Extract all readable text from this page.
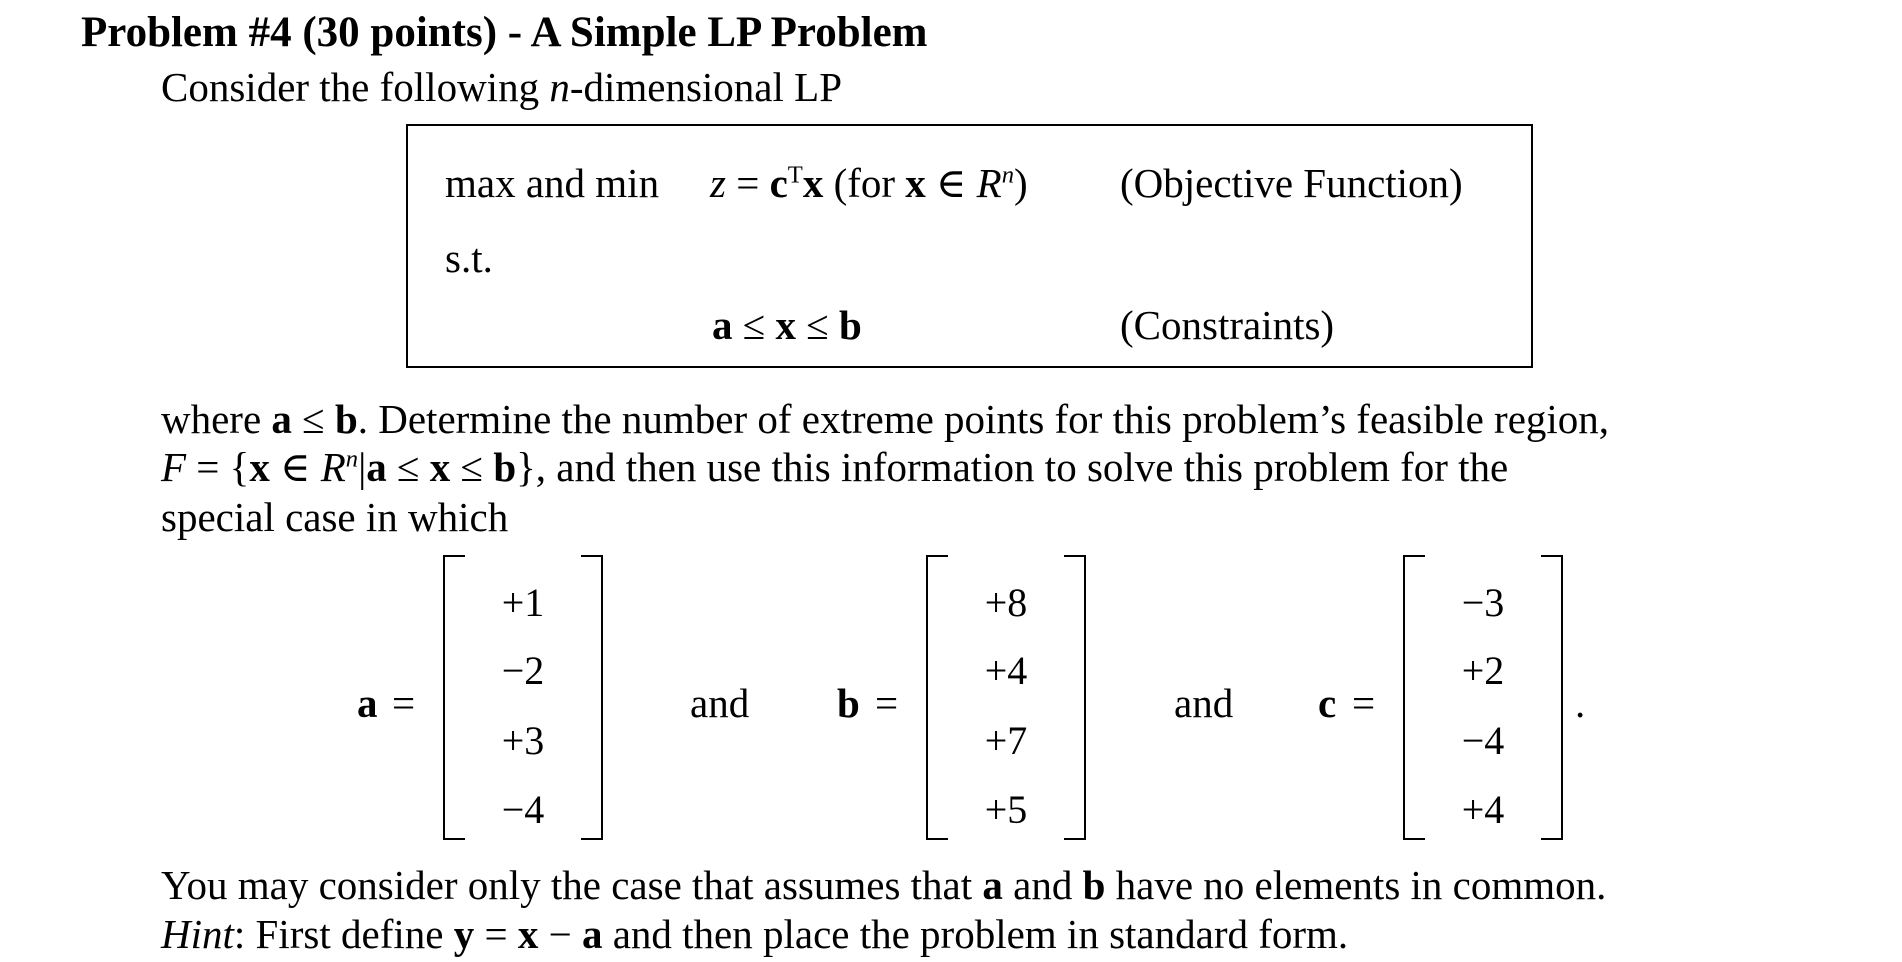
Problem #4 (30 points) - A Simple LP Problem
Consider the following n-dimensional LP
max and $\min z = c^Tx$ (for x ∈ $R^n$) (Objective Function)
s.t.
a ≤ x ≤ b	(Constraints)
where a ≤ b. Determine the number of extreme points for this problem’s feasible region,
F = {x ∈ $R^n|a \le x \le b$}, and then use this information to solve this problem for the
special case in which
a =
+1
−2
+3
−4
and b =
+8
+4
+7
+5
and c =
−3
+2
−4
+4
.
You may consider only the case that assumes that a and b have no elements in common.
Hint: First define y = x − a and then place the problem in standard form.
